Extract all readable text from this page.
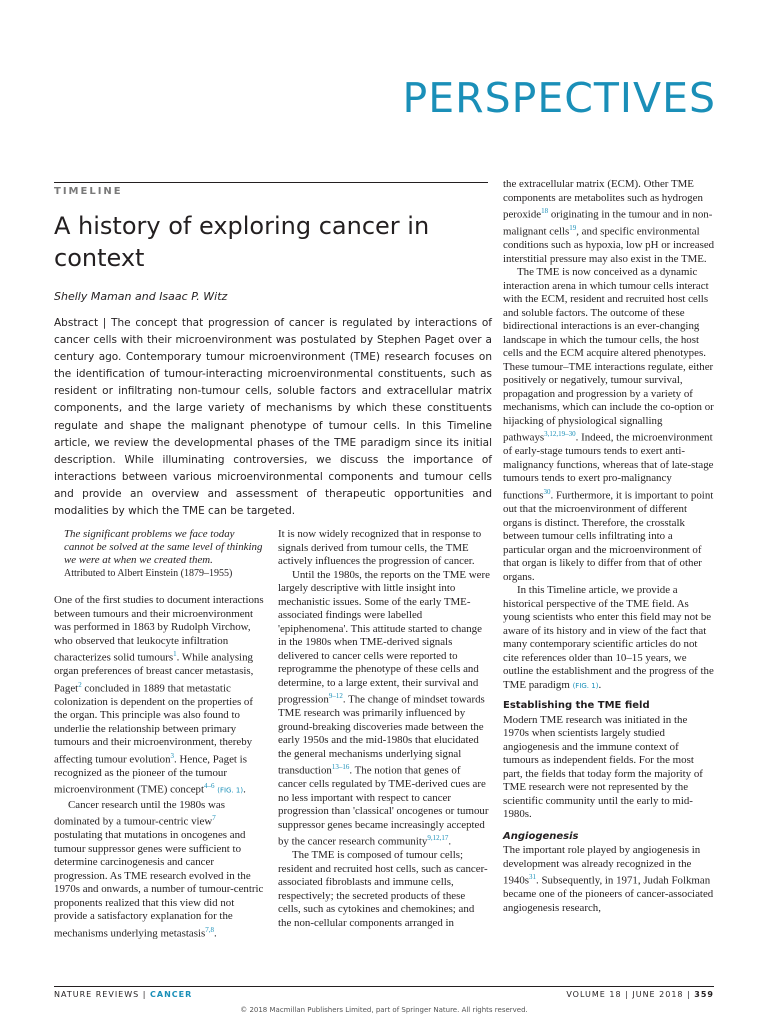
PERSPECTIVES
TIMELINE
A history of exploring cancer in context
Shelly Maman and Isaac P. Witz

Abstract | The concept that progression of cancer is regulated by interactions of cancer cells with their microenvironment was postulated by Stephen Paget over a century ago. Contemporary tumour microenvironment (TME) research focuses on the identification of tumour-interacting microenvironmental constituents, such as resident or infiltrating non-tumour cells, soluble factors and extracellular matrix components, and the large variety of mechanisms by which these constituents regulate and shape the malignant phenotype of tumour cells. In this Timeline article, we review the developmental phases of the TME paradigm since its initial description. While illuminating controversies, we discuss the importance of interactions between various microenvironmental components and tumour cells and provide an overview and assessment of therapeutic opportunities and modalities by which the TME can be targeted.

The significant problems we face today cannot be solved at the same level of thinking we were at when we created them.

Attributed to Albert Einstein (1879–1955)

One of the first studies to document interactions between tumours and their microenvironment was performed in 1863 by Rudolph Virchow, who observed that leukocyte infiltration characterizes solid tumours$^1$. While analysing organ preferences of breast cancer metastasis, Paget$^2$ concluded in 1889 that metastatic colonization is dependent on the properties of the organ. This principle was also found to underlie the relationship between primary tumours and their microenvironment, thereby affecting tumour evolution$^3$. Hence, Paget is recognized as the pioneer of the tumour microenvironment (TME) concept$^{4-6}$ (FIG. 1).

Cancer research until the 1980s was dominated by a tumour-centric view$^7$ postulating that mutations in oncogenes and tumour suppressor genes were sufficient to determine carcinogenesis and cancer progression. As TME research evolved in the 1970s and onwards, a number of tumour-centric proponents realized that this view did not provide a satisfactory explanation for the mechanisms underlying metastasis$^{7,8}$.

It is now widely recognized that in response to signals derived from tumour cells, the TME actively influences the progression of cancer.

Until the 1980s, the reports on the TME were largely descriptive with little insight into mechanistic issues. Some of the early TME-associated findings were labelled 'epiphenomena'. This attitude started to change in the 1980s when TME-derived signals delivered to cancer cells were reported to reprogramme the phenotype of these cells and determine, to a large extent, their survival and progression$^{9-12}$. The change of mindset towards TME research was primarily influenced by ground-breaking discoveries made between the early 1950s and the mid-1980s that elucidated the general mechanisms underlying signal transduction$^{13-16}$. The notion that genes of cancer cells regulated by TME-derived cues are no less important with respect to cancer progression than 'classical' oncogenes or tumour suppressor genes became increasingly accepted by the cancer research community$^{9,12,17}$.

The TME is composed of tumour cells; resident and recruited host cells, such as cancer-associated fibroblasts and immune cells, respectively; the secreted products of these cells, such as cytokines and chemokines; and the non-cellular components arranged in

the extracellular matrix (ECM). Other TME components are metabolites such as hydrogen peroxide$^{18}$ originating in the tumour and in non-malignant cells$^{19}$, and specific environmental conditions such as hypoxia, low pH or increased interstitial pressure may also exist in the TME.

The TME is now conceived as a dynamic interaction arena in which tumour cells interact with the ECM, resident and recruited host cells and soluble factors. The outcome of these bidirectional interactions is an ever-changing landscape in which the tumour cells, the host cells and the ECM acquire altered phenotypes. These tumour–TME interactions regulate, either positively or negatively, tumour survival, propagation and progression by a variety of mechanisms, which can include the co-option or hijacking of physiological signalling pathways$^{3,12,19-30}$. Indeed, the microenvironment of early-stage tumours tends to exert anti-malignancy functions, whereas that of late-stage tumours tends to exert pro-malignancy functions$^{30}$. Furthermore, it is important to point out that the microenvironment of different organs is distinct. Therefore, the crosstalk between tumour cells infiltrating into a particular organ and the microenvironment of that organ is likely to differ from that of other organs.

In this Timeline article, we provide a historical perspective of the TME field. As young scientists who enter this field may not be aware of its history and in view of the fact that many contemporary scientific articles do not cite references older than 10–15 years, we outline the establishment and the progress of the TME paradigm (FIG. 1).

Establishing the TME field

Modern TME research was initiated in the 1970s when scientists largely studied angiogenesis and the immune context of tumours as independent fields. For the most part, the fields that today form the majority of TME research were not represented by the scientific community until the early to mid-1980s.

Angiogenesis

The important role played by angiogenesis in development was already recognized in the $1940s^{31}$. Subsequently, in 1971, Judah Folkman became one of the pioneers of cancer-associated angiogenesis research,

NATURE REVIEWS | CANCER	VOLUME 18 | JUNE 2018 | 359
© 2018 Macmillan Publishers Limited, part of Springer Nature. All rights reserved.
